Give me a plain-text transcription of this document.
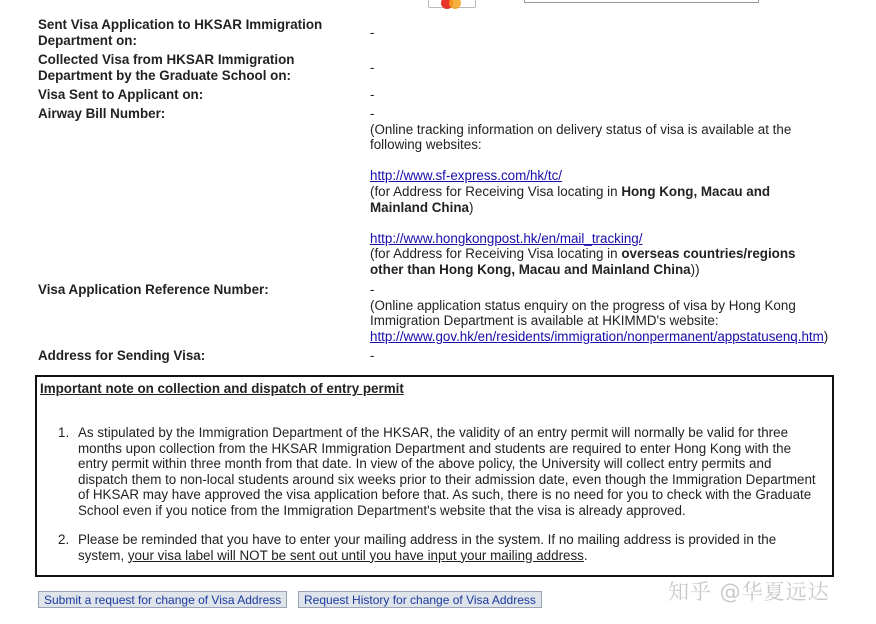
Sent Visa Application to HKSAR Immigration
Department on:
-
Collected Visa from HKSAR Immigration
Department by the Graduate School on:
-
Visa Sent to Applicant on:	-
Airway Bill Number:	-
(Online tracking information on delivery status of visa is available at the
following websites:
http://www.sf-express.com/hk/tc/
(for Address for Receiving Visa locating in Hong Kong, Macau and
Mainland China)
http://www.hongkongpost.hk/en/mail_tracking/
(for Address for Receiving Visa locating in overseas countries/regions
other than Hong Kong, Macau and Mainland China))
Visa Application Reference Number:	-
(Online application status enquiry on the progress of visa by Hong Kong
Immigration Department is available at HKIMMD's website:
http://www.gov.hk/en/residents/immigration/nonpermanent/appstatusenq.htm)
Address for Sending Visa:	-
Important note on collection and dispatch of entry permit
1. As stipulated by the Immigration Department of the HKSAR, the validity of an entry permit will normally be valid for three
months upon collection from the HKSAR Immigration Department and students are required to enter Hong Kong with the
entry permit within three month from that date. In view of the above policy, the University will collect entry permits and
dispatch them to non-local students around six weeks prior to their admission date, even though the Immigration Department
of HKSAR may have approved the visa application before that. As such, there is no need for you to check with the Graduate
School even if you notice from the Immigration Department's website that the visa is already approved.
2. Please be reminded that you have to enter your mailing address in the system. If no mailing address is provided in the
system, your visa label will NOT be sent out until you have input your mailing address.
Submit a request for change of Visa Address	Request History for change of Visa Address	知乎 @华夏远达
